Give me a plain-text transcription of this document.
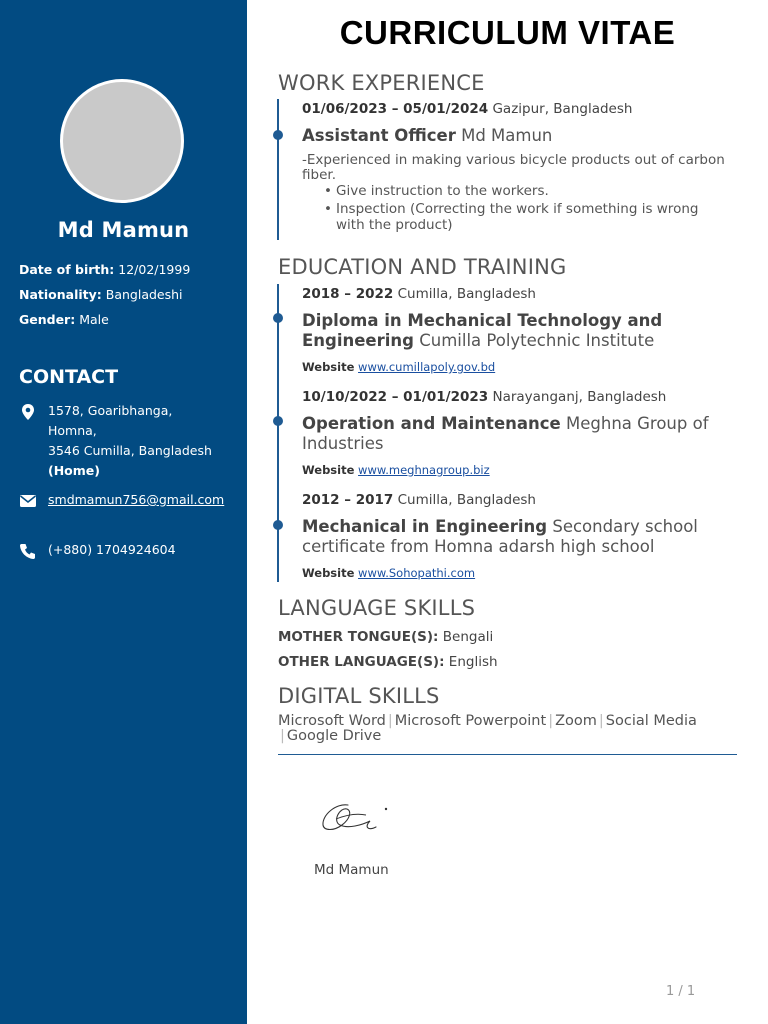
Md Mamun
Date of birth: 12/02/1999
Nationality: Bangladeshi
Gender: Male
CONTACT
1578, Goaribhanga,
Homna,
3546 Cumilla, Bangladesh
(Home)
smdmamun756@gmail.com
(+880) 1704924604
CURRICULUM VITAE
WORK EXPERIENCE
01/06/2023 – 05/01/2024 Gazipur, Bangladesh
Assistant Officer Md Mamun
-Experienced in making various bicycle products out of carbon fiber.
• Give instruction to the workers.
• Inspection (Correcting the work if something is wrong with the product)
EDUCATION AND TRAINING
2018 – 2022 Cumilla, Bangladesh
Diploma in Mechanical Technology and Engineering Cumilla Polytechnic Institute
Website www.cumillapoly.gov.bd
10/10/2022 – 01/01/2023 Narayanganj, Bangladesh
Operation and Maintenance Meghna Group of Industries
Website www.meghnagroup.biz
2012 – 2017 Cumilla, Bangladesh
Mechanical in Engineering Secondary school certificate from Homna adarsh high school
Website www.Sohopathi.com
LANGUAGE SKILLS
MOTHER TONGUE(S): Bengali
OTHER LANGUAGE(S): English
DIGITAL SKILLS
Microsoft Word | Microsoft Powerpoint | Zoom | Social Media
| Google Drive
Md Mamun
1 / 1
